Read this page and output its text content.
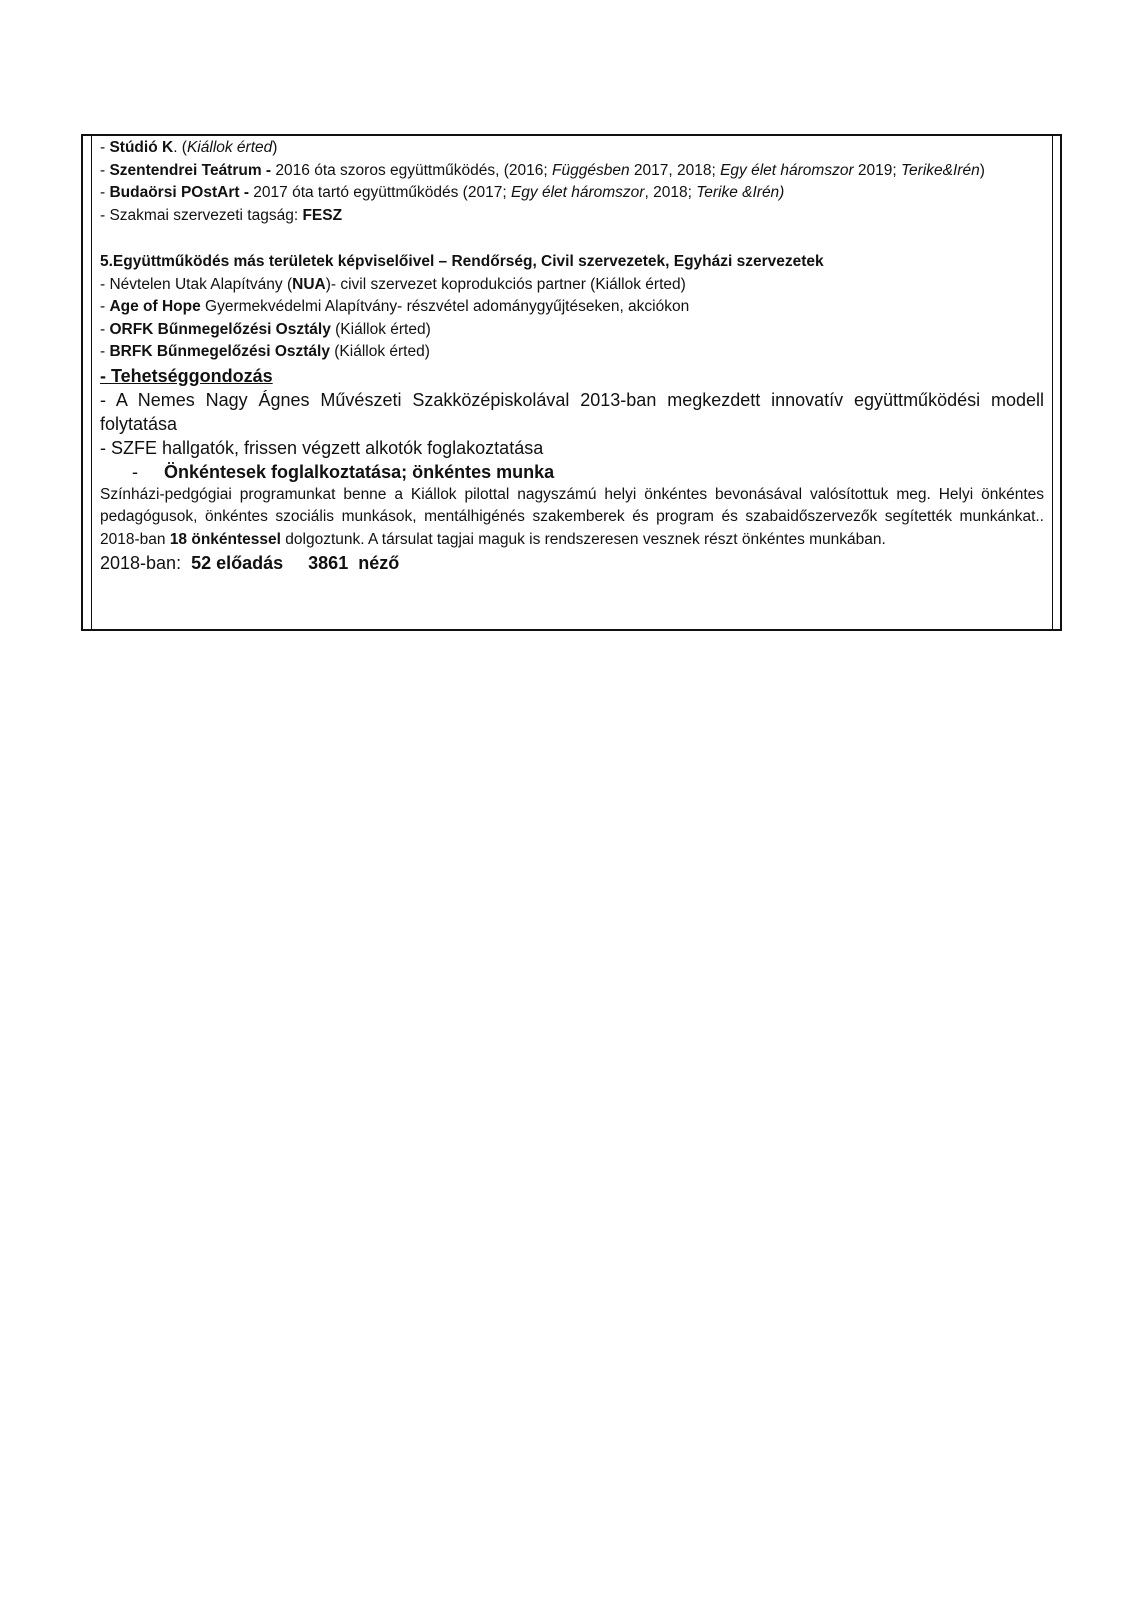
- Stúdió K. (Kiállok érted)

- Szentendrei Teátrum - 2016 óta szoros együttműködés, (2016; Függésben 2017, 2018; Egy élet háromszor 2019; Terike&Irén)

- Budaörsi POstArt - 2017 óta tartó együttműködés (2017; Egy élet háromszor, 2018; Terike &Irén)

- Szakmai szervezeti tagság: FESZ

5.Együttműködés más területek képviselőivel – Rendőrség, Civil szervezetek, Egyházi szervezetek

- Névtelen Utak Alapítvány (NUA)- civil szervezet koprodukciós partner (Kiállok érted)

- Age of Hope Gyermekvédelmi Alapítvány- részvétel adománygyűjtéseken, akciókon

- ORFK Bűnmegelőzési Osztály (Kiállok érted)

- BRFK Bűnmegelőzési Osztály (Kiállok érted)

- Tehetséggondozás

- A Nemes Nagy Ágnes Művészeti Szakközépiskolával 2013-ban megkezdett innovatív együttműködési modell folytatása

- SZFE hallgatók, frissen végzett alkotók foglakoztatása

- Önkéntesek foglalkoztatása; önkéntes munka

Színházi-pedgógiai programunkat benne a Kiállok pilottal nagyszámú helyi önkéntes bevonásával valósítottuk meg. Helyi önkéntes pedagógusok, önkéntes szociális munkások, mentálhigénés szakemberek és program és szabaidőszervezők segítették munkánkat.. 2018-ban 18 önkéntessel dolgoztunk. A társulat tagjai maguk is rendszeresen vesznek részt önkéntes munkában.

2018-ban:  52 előadás 3861  néző
